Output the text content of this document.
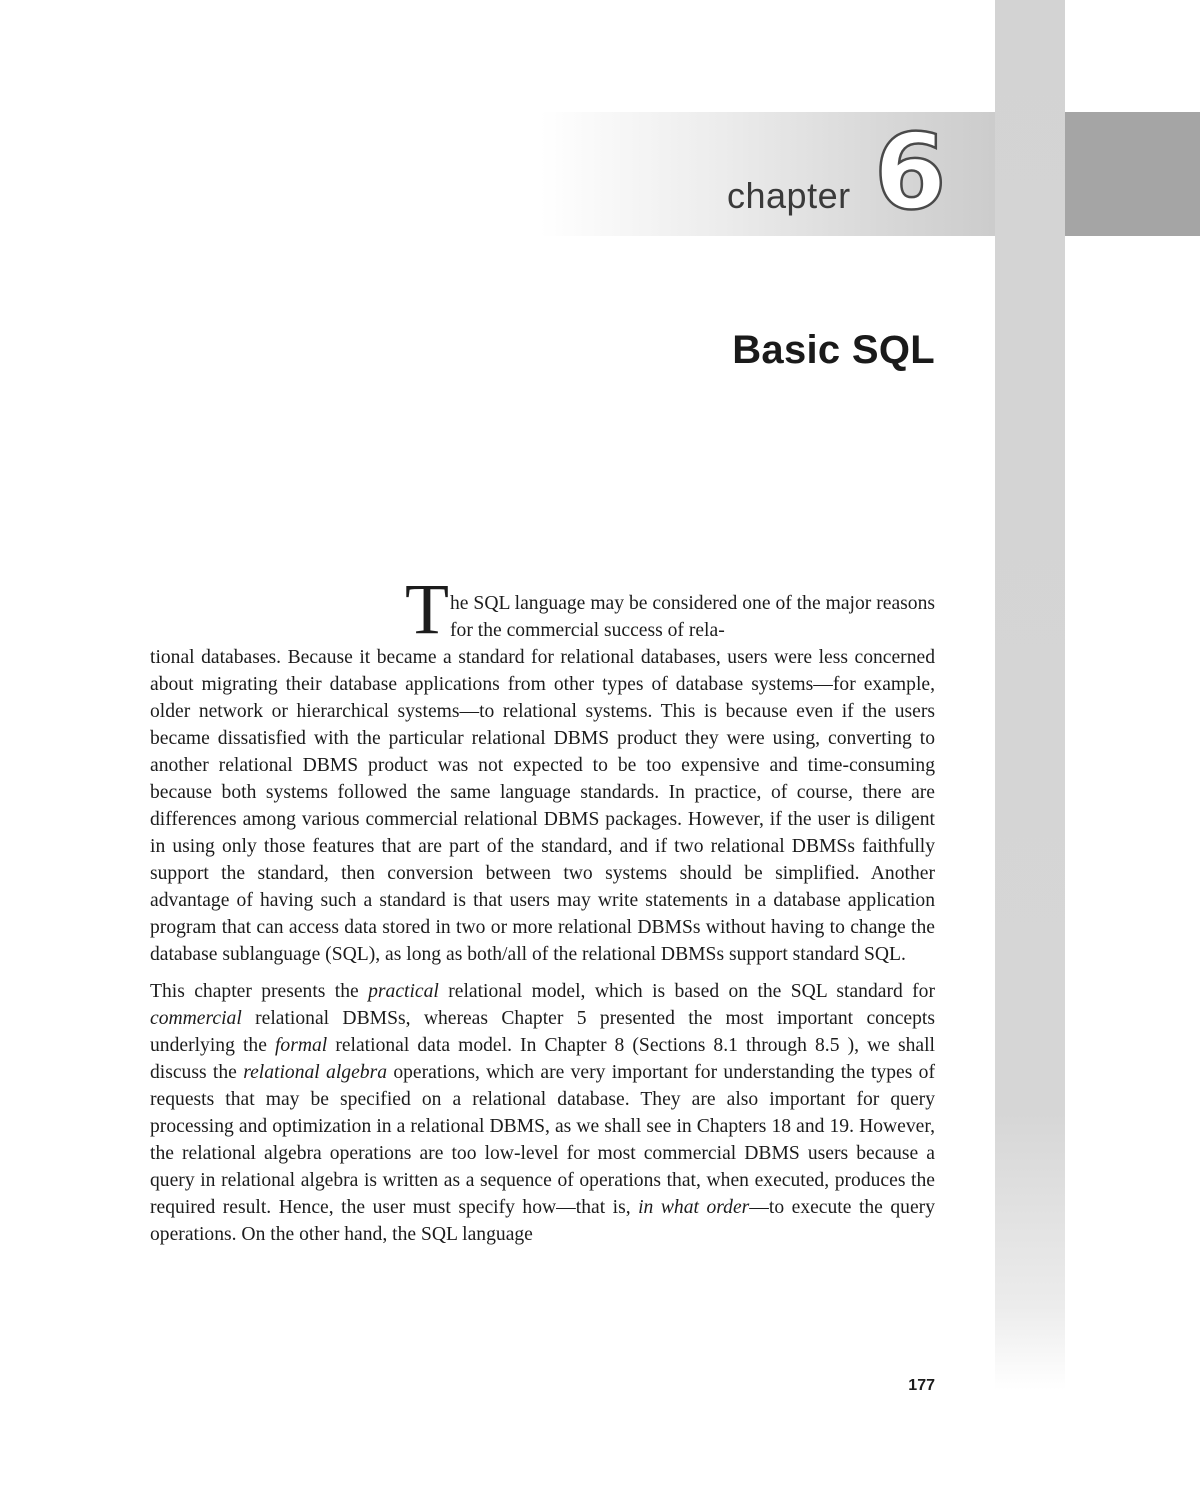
chapter 6
Basic SQL

T he SQL language may be considered one of the major reasons for the commercial success of rela-
tional databases. Because it became a standard for relational databases, users were less concerned about migrating their database applications from other types of database systems—for example, older network or hierarchical systems—to relational systems. This is because even if the users became dissatisfied with the particular relational DBMS product they were using, converting to another relational DBMS product was not expected to be too expensive and time-consuming because both systems followed the same language standards. In practice, of course, there are differences among various commercial relational DBMS packages. However, if the user is diligent in using only those features that are part of the standard, and if two relational DBMSs faithfully support the standard, then conversion between two systems should be simplified. Another advantage of having such a standard is that users may write statements in a database application program that can access data stored in two or more relational DBMSs without having to change the database sublanguage (SQL), as long as both/all of the relational DBMSs support standard SQL.

This chapter presents the practical relational model, which is based on the SQL standard for commercial relational DBMSs, whereas Chapter 5 presented the most important concepts underlying the formal relational data model. In Chapter 8 (Sections 8.1 through 8.5 ), we shall discuss the relational algebra operations, which are very important for understanding the types of requests that may be specified on a relational database. They are also important for query processing and optimization in a relational DBMS, as we shall see in Chapters 18 and 19. However, the relational algebra operations are too low-level for most commercial DBMS users because a query in relational algebra is written as a sequence of operations that, when executed, produces the required result. Hence, the user must specify how—that is, in what order—to execute the query operations. On the other hand, the SQL language

177
